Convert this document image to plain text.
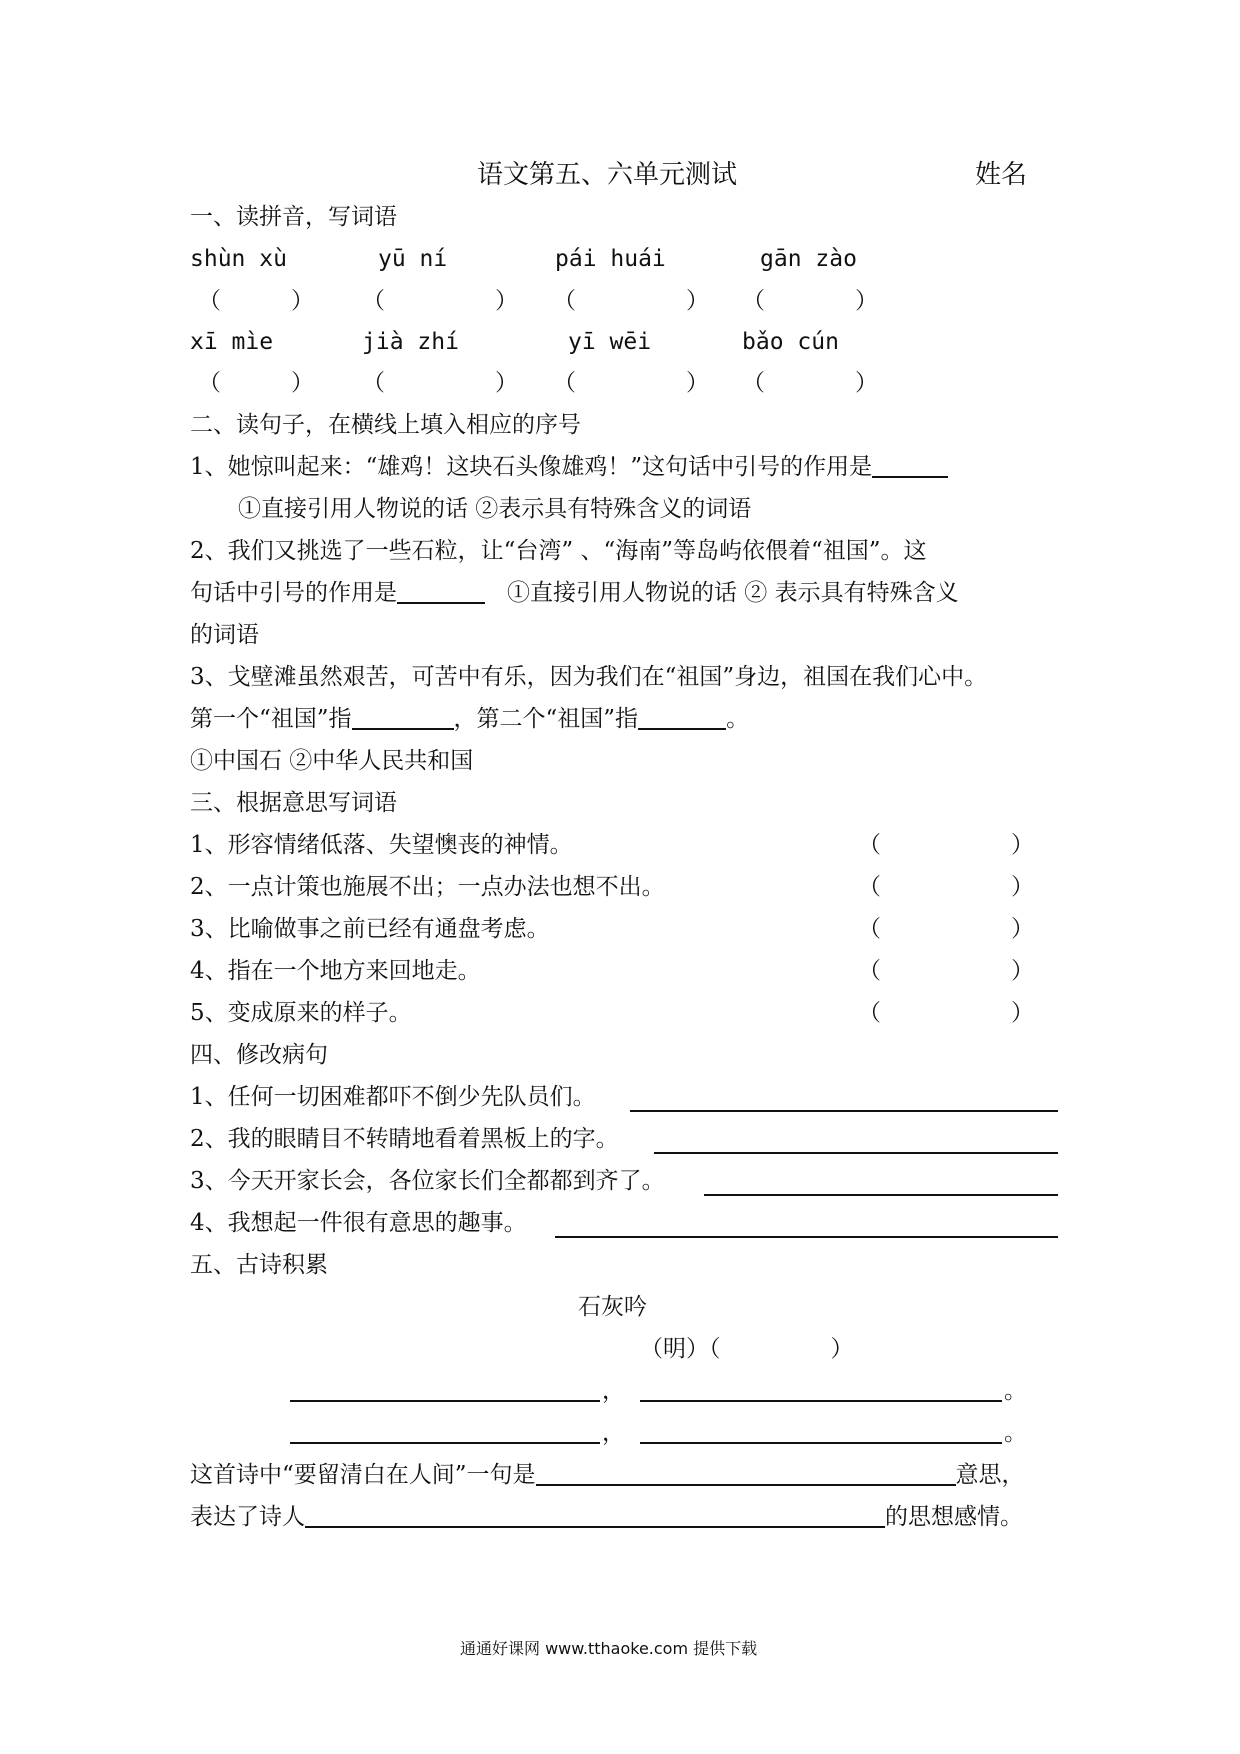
语文第五、六单元测试	姓名
一、读拼音，写词语
shùn xù	yū ní	pái huái	gān zào
（	） （	） （	） （	）
xī mìe	jià zhí	yī wēi	bǎo cún
（	） （	） （	） （	）
二、读句子，在横线上填入相应的序号
1、她惊叫起来：“雄鸡！这块石头像雄鸡！”这句话中引号的作用是
①直接引用人物说的话 ②表示具有特殊含义的词语
2、我们又挑选了一些石粒，让“台湾” 、“海南”等岛屿依偎着“祖国”。这
句话中引号的作用是	①直接引用人物说的话 ② 表示具有特殊含义
的词语
3、戈壁滩虽然艰苦，可苦中有乐，因为我们在“祖国”身边，祖国在我们心中。
第一个“祖国”指	，第二个“祖国”指	。
①中国石 ②中华人民共和国
三、根据意思写词语
1、形容情绪低落、失望懊丧的神情。	（	）
2、一点计策也施展不出；一点办法也想不出。	（	）
3、比喻做事之前已经有通盘考虑。	（	）
4、指在一个地方来回地走。	（	）
5、变成原来的样子。	（	）
四、修改病句
1、任何一切困难都吓不倒少先队员们。
2、我的眼睛目不转睛地看着黑板上的字。
3、今天开家长会，各位家长们全都都到齐了。
4、我想起一件很有意思的趣事。
五、古诗积累
石灰吟
（明）（	）
，	。
，	。
这首诗中“要留清白在人间”一句是	意思，
表达了诗人	的思想感情。
通通好课网 www.tthaoke.com 提供下载
